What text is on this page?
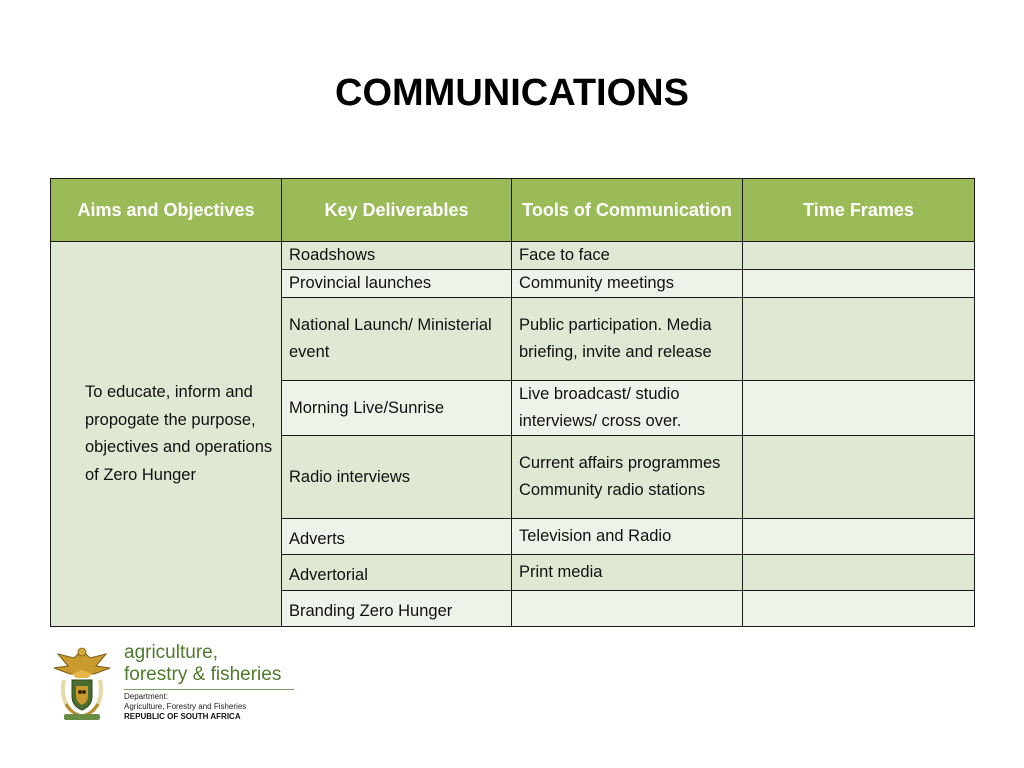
COMMUNICATIONS
Aims and Objectives	Key Deliverables	Tools of Communication	Time Frames
To educate, inform and propogate the purpose, objectives and operations of Zero Hunger	Roadshows	Face to face	
	Provincial launches	Community meetings	
	National Launch/ Ministerial event	Public participation. Media briefing, invite and release	
	Morning Live/Sunrise	Live broadcast/ studio interviews/ cross over.	
	Radio interviews	Current affairs programmes Community radio stations	
	Adverts	Television and Radio	
	Advertorial	Print media	
	Branding Zero Hunger		
agriculture,
forestry & fisheries
Department:
Agriculture, Forestry and Fisheries
REPUBLIC OF SOUTH AFRICA
